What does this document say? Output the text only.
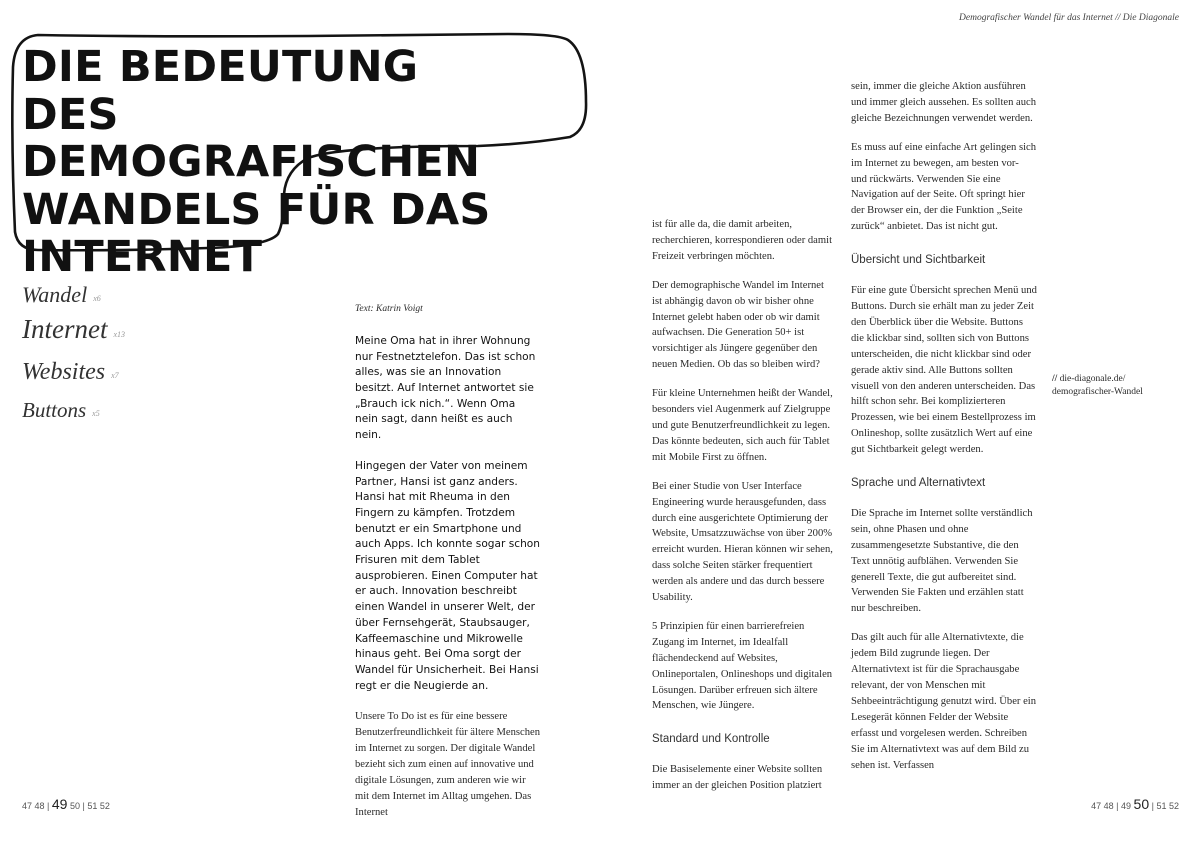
Demografischer Wandel für das Internet // Die Diagonale
DIE BEDEUTUNG
DES DEMOGRAFISCHEN
WANDELS FÜR DAS
INTERNET
Wandel $^{x6}$
Internet $^{x13}$
Websites $^{x7}$
Buttons $^{x5}$

Text: Katrin Voigt

Meine Oma hat in ihrer Wohnung nur Festnetztelefon. Das ist schon alles, was sie an Innovation besitzt. Auf Internet antwortet sie „Brauch ick nich.“. Wenn Oma nein sagt, dann heißt es auch nein.

Hingegen der Vater von meinem Partner, Hansi ist ganz anders. Hansi hat mit Rheuma in den Fingern zu kämpfen. Trotzdem benutzt er ein Smartphone und auch Apps. Ich konnte sogar schon Frisuren mit dem Tablet ausprobieren. Einen Computer hat er auch. Innovation beschreibt einen Wandel in unserer Welt, der über Fernsehgerät, Staubsauger, Kaffeemaschine und Mikrowelle hinaus geht. Bei Oma sorgt der Wandel für Unsicherheit. Bei Hansi regt er die Neugierde an.

Unsere To Do ist es für eine bessere Benutzerfreundlichkeit für ältere Menschen im Internet zu sorgen. Der digitale Wandel bezieht sich zum einen auf innovative und digitale Lösungen, zum anderen wie wir mit dem Internet im Alltag umgehen. Das Internet

ist für alle da, die damit arbeiten, recherchieren, korrespondieren oder damit Freizeit verbringen möchten.

Der demographische Wandel im Internet ist abhängig davon ob wir bisher ohne Internet gelebt haben oder ob wir damit aufwachsen. Die Generation 50+ ist vorsichtiger als Jüngere gegenüber den neuen Medien. Ob das so bleiben wird?

Für kleine Unternehmen heißt der Wandel, besonders viel Augenmerk auf Zielgruppe und gute Benutzerfreundlichkeit zu legen. Das könnte bedeuten, sich auch für Tablet mit Mobile First zu öffnen.

Bei einer Studie von User Interface Engineering wurde herausgefunden, dass durch eine ausgerichtete Optimierung der Website, Umsatzzuwächse von über 200% erreicht wurden. Hieran können wir sehen, dass solche Seiten stärker frequentiert werden als andere und das durch bessere Usability.

5 Prinzipien für einen barrierefreien Zugang im Internet, im Idealfall flächendeckend auf Websites, Onlineportalen, Onlineshops und digitalen Lösungen. Darüber erfreuen sich ältere Menschen, wie Jüngere.

Standard und Kontrolle

Die Basiselemente einer Website sollten immer an der gleichen Position platziert

sein, immer die gleiche Aktion ausführen und immer gleich aussehen. Es sollten auch gleiche Bezeichnungen verwendet werden.

Es muss auf eine einfache Art gelingen sich im Internet zu bewegen, am besten vor- und rückwärts. Verwenden Sie eine Navigation auf der Seite. Oft springt hier der Browser ein, der die Funktion „Seite zurück“ anbietet. Das ist nicht gut.

Übersicht und Sichtbarkeit

Für eine gute Übersicht sprechen Menü und Buttons. Durch sie erhält man zu jeder Zeit den Überblick über die Website. Buttons die klickbar sind, sollten sich von Buttons unterscheiden, die nicht klickbar sind oder gerade aktiv sind. Alle Buttons sollten visuell von den anderen unterscheiden. Das hilft schon sehr. Bei komplizierteren Prozessen, wie bei einem Bestellprozess im Onlineshop, sollte zusätzlich Wert auf eine gut Sichtbarkeit gelegt werden.

Sprache und Alternativtext

Die Sprache im Internet sollte verständlich sein, ohne Phasen und ohne zusammengesetzte Substantive, die den Text unnötig aufblähen. Verwenden Sie generell Texte, die gut aufbereitet sind. Verwenden Sie Fakten und erzählen statt nur beschreiben.

Das gilt auch für alle Alternativtexte, die jedem Bild zugrunde liegen. Der Alternativtext ist für die Sprachausgabe relevant, der von Menschen mit Sehbeeinträchtigung genutzt wird. Über ein Lesegerät können Felder der Website erfasst und vorgelesen werden. Schreiben Sie im Alternativtext was auf dem Bild zu sehen ist. Verfassen

// die-diagonale.de/
demografischer-Wandel
47 48 | 49 50 | 51 52	47 48 | 49 50 | 51 52
